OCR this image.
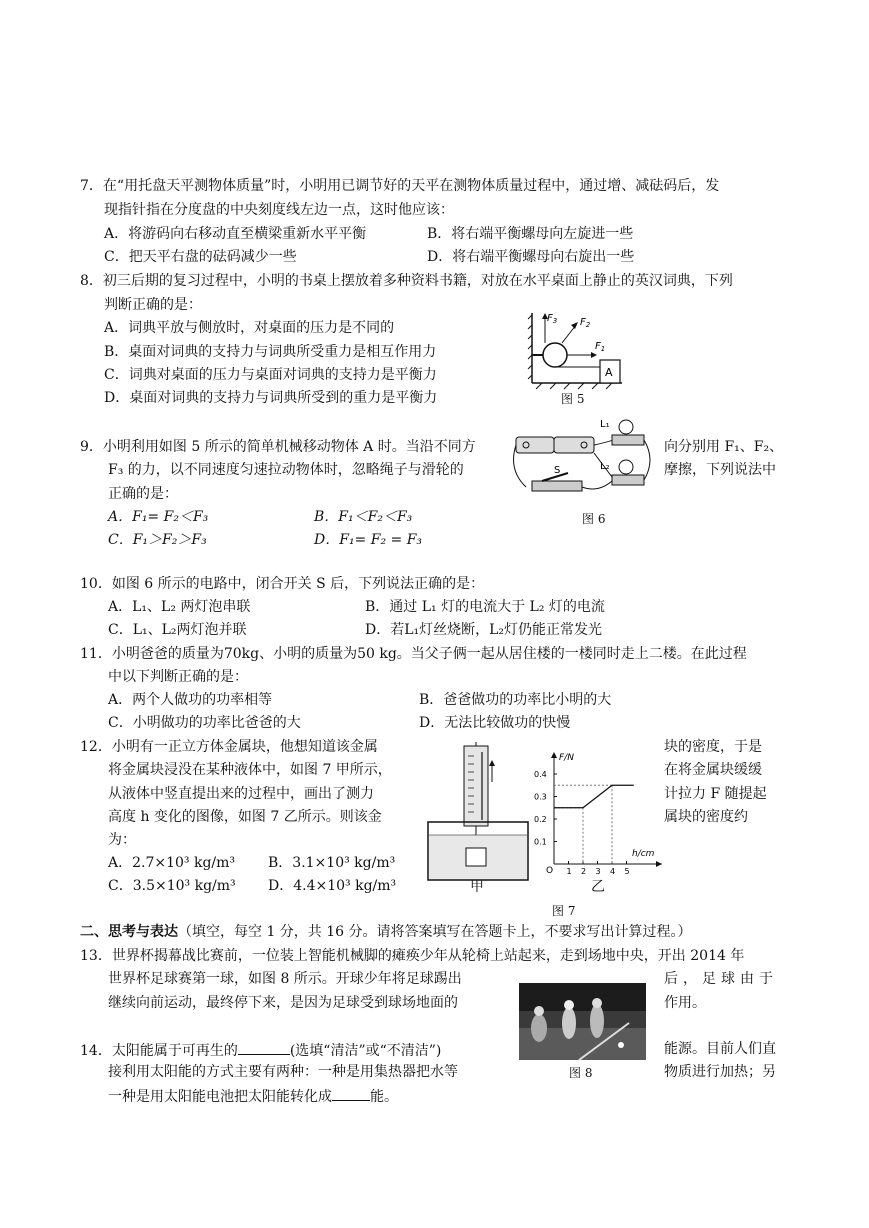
7．在“用托盘天平测物体质量”时，小明用已调节好的天平在测物体质量过程中，通过增、减砝码后，发
现指针指在分度盘的中央刻度线左边一点，这时他应该：
A．将游码向右移动直至横梁重新水平平衡	B．将右端平衡螺母向左旋进一些
C．把天平右盘的砝码减少一些	D．将右端平衡螺母向右旋出一些
8．初三后期的复习过程中，小明的书桌上摆放着多种资料书籍，对放在水平桌面上静止的英汉词典，下列
判断正确的是：
A．词典平放与侧放时，对桌面的压力是不同的
B．桌面对词典的支持力与词典所受重力是相互作用力
C．词典对桌面的压力与桌面对词典的支持力是平衡力
D．桌面对词典的支持力与词典所受到的重力是平衡力
A
$F_3$ $F_2$
$F_1$
图 5
9．小明利用如图 5 所示的简单机械移动物体 A 时。当沿不同方	向分别用 F₁、F₂、
F₃ 的力，以不同速度匀速拉动物体时，忽略绳子与滑轮的	摩擦，下列说法中
正确的是：
A．F₁= F₂＜F₃	B．F₁＜F₂＜F₃
C．F₁＞F₂＞F₃	D．F₁= F₂ = F₃
L₁
L₂
S
图 6
10．如图 6 所示的电路中，闭合开关 S 后，下列说法正确的是：
A．L₁、L₂ 两灯泡串联	B．通过 L₁ 灯的电流大于 L₂ 灯的电流
C．L₁、L₂两灯泡并联	D．若L₁灯丝烧断，L₂灯仍能正常发光
11．小明爸爸的质量为70kg、小明的质量为50 kg。当父子俩一起从居住楼的一楼同时走上二楼。在此过程
中以下判断正确的是：
A．两个人做功的功率相等	B．爸爸做功的功率比小明的大
C．小明做功的功率比爸爸的大	D．无法比较做功的快慢
12．小明有一正立方体金属块，他想知道该金属	块的密度，于是
将金属块浸没在某种液体中，如图 7 甲所示，	在将金属块缓缓
从液体中竖直提出来的过程中，画出了测力	计拉力 F 随提起
高度 h 变化的图像，如图 7 乙所示。则该金	属块的密度约
为：
A．2.7×10³ kg/m³ B．3.1×10³ kg/m³
C．3.5×10³ kg/m³ D．4.4×10³ kg/m³
F/N
h/cm
O
0.4
0.3
0.2
0.1
1 2 3 4 5
甲	乙
图 7
二、思考与表达（填空，每空 1 分，共 16 分。请将答案填写在答题卡上，不要求写出计算过程。）
13．世界杯揭幕战比赛前，一位装上智能机械脚的瘫痪少年从轮椅上站起来，走到场地中央，开出 2014 年
世界杯足球赛第一球，如图 8 所示。开球少年将足球踢出	后，足球由于
继续向前运动，最终停下来，是因为足球受到球场地面的	作用。
图 8
14．太阳能属于可再生的	(选填“清洁”或“不清洁”)	能源。目前人们直
接利用太阳能的方式主要有两种：一种是用集热器把水等	物质进行加热；另
一种是用太阳能电池把太阳能转化成	能。
